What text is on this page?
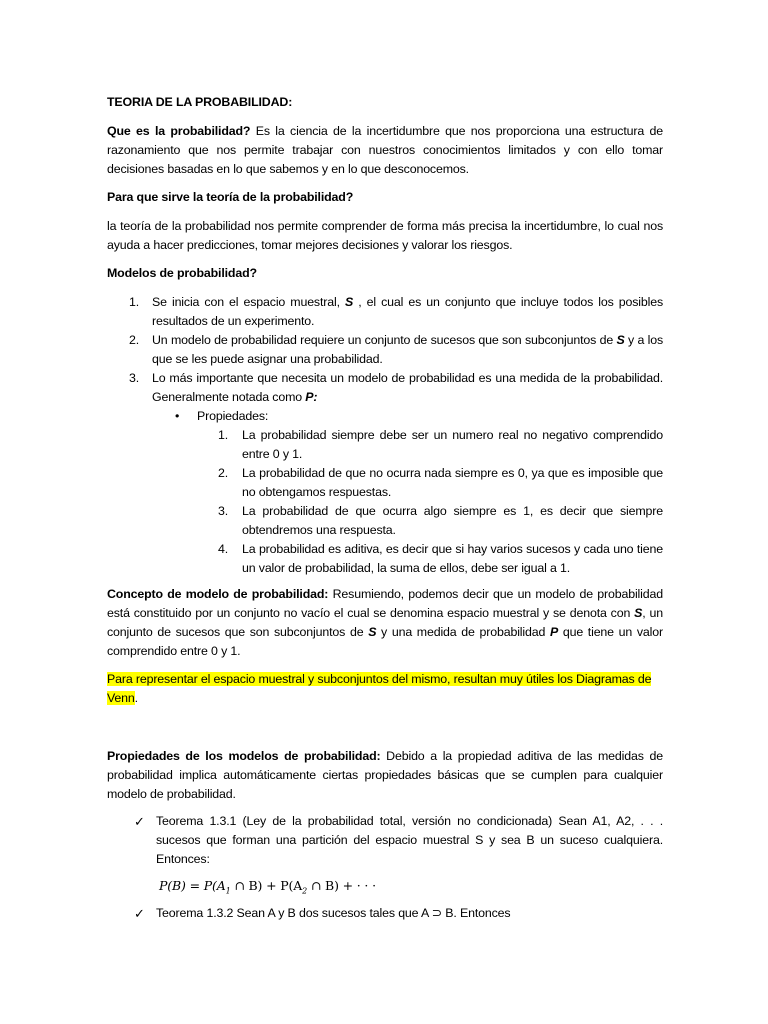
TEORIA DE LA PROBABILIDAD:

Que es la probabilidad? Es la ciencia de la incertidumbre que nos proporciona una estructura de razonamiento que nos permite trabajar con nuestros conocimientos limitados y con ello tomar decisiones basadas en lo que sabemos y en lo que desconocemos.

Para que sirve la teoría de la probabilidad?

la teoría de la probabilidad nos permite comprender de forma más precisa la incertidumbre, lo cual nos ayuda a hacer predicciones, tomar mejores decisiones y valorar los riesgos.

Modelos de probabilidad?

1. Se inicia con el espacio muestral, S , el cual es un conjunto que incluye todos los posibles resultados de un experimento.
2. Un modelo de probabilidad requiere un conjunto de sucesos que son subconjuntos de S y a los que se les puede asignar una probabilidad.
3. Lo más importante que necesita un modelo de probabilidad es una medida de la probabilidad. Generalmente notada como P:
• Propiedades:
1. La probabilidad siempre debe ser un numero real no negativo comprendido entre 0 y 1.
2. La probabilidad de que no ocurra nada siempre es 0, ya que es imposible que no obtengamos respuestas.
3. La probabilidad de que ocurra algo siempre es 1, es decir que siempre obtendremos una respuesta.
4. La probabilidad es aditiva, es decir que si hay varios sucesos y cada uno tiene un valor de probabilidad, la suma de ellos, debe ser igual a 1.

Concepto de modelo de probabilidad: Resumiendo, podemos decir que un modelo de probabilidad está constituido por un conjunto no vacío el cual se denomina espacio muestral y se denota con S, un conjunto de sucesos que son subconjuntos de S y una medida de probabilidad P que tiene un valor comprendido entre 0 y 1.

Para representar el espacio muestral y subconjuntos del mismo, resultan muy útiles los Diagramas de Venn.

Propiedades de los modelos de probabilidad: Debido a la propiedad aditiva de las medidas de probabilidad implica automáticamente ciertas propiedades básicas que se cumplen para cualquier modelo de probabilidad.

✓ Teorema 1.3.1 (Ley de la probabilidad total, versión no condicionada) Sean A1, A2, . . . sucesos que forman una partición del espacio muestral S y sea B un suceso cualquiera. Entonces:
$P(B) = P(A_1$ ∩ $B) + P(A_2$ ∩ B) + · · ·
✓ Teorema 1.3.2 Sean A y B dos sucesos tales que A ⊃ B. Entonces
